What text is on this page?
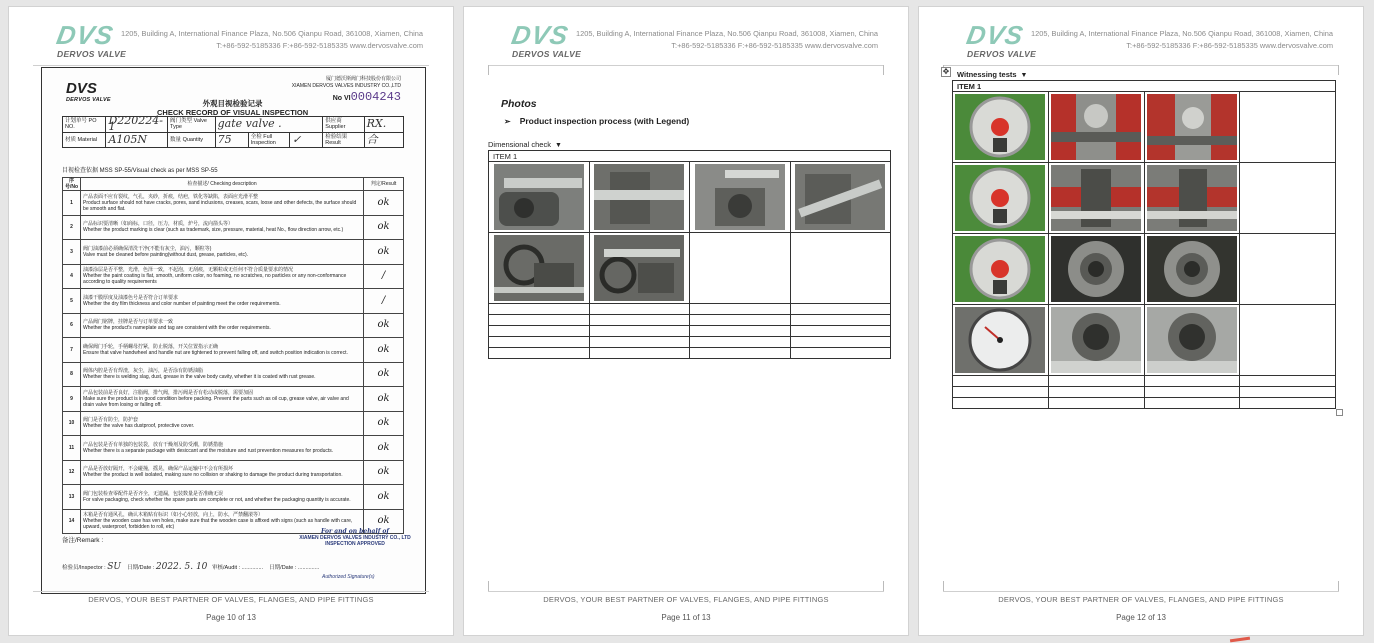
DVS
DERVOS VALVE
1205, Building A, International Finance Plaza, No.506 Qianpu Road, 361008, Xiamen, China
T:+86-592-5185336 F:+86-592-5185335 www.dervosvalve.com
DVS
DERVOS VALVE
厦门德沃斯阀门科技股份有限公司
XIAMEN DERVOS VALVES INDUSTRY CO.,LTD
No VI0004243
外观目视检验记录
CHECK RECORD OF VISUAL INSPECTION
计划单号 PO NO.	D220224-1	阀门类型 Valve Type	gate valve .			供应商 Supplier	RX.
材质 Material	A105N	数量 Quantity	75	全检 Full Inspection	✓	检验结果 Result	合
目视检查依据 MSS SP-55/Visual check as per MSS SP-55
序号/No	检查描述/ Checking description	判定/Result
1	产品表面不应有裂纹，气孔，夹砂，折痕，结疤，铁化等缺陷，表面应光滑平整
Product surface should not have cracks, pores, sand inclusions, creases, scars, loose and other defects, the surface should be smooth and flat.	ok
2	产品标识要清晰（如商标，口径，压力，材质，炉号，流向箭头等）
Whether the product marking is clear (such as trademark, size, pressure, material, heat No., flow direction arrow, etc.)	ok
3	阀门油漆前必须确保清洗干净(不能有灰尘，油污，颗粒等)
Valve must be cleaned before painting(without dust, grease, particles, etc).	ok
4	油漆涂层是否平整，光滑，色泽一致，不起泡，无刮痕，无颗粒或无任何不符合质量要求的情况
Whether the paint coating is flat, smooth, uniform color, no foaming, no scratches, no particles or any non-conformance according to quality requirements	/
5	油漆干膜厚度及油漆色号是否符合订单要求
Whether the dry film thickness and color number of painting meet the order requirements.	/
6	产品阀门铭牌，挂牌是否与订单要求一致
Whether the product's nameplate and tag are consistent with the order requirements.	ok
7	确保阀门手轮，手柄螺母拧紧，防止脱落，开关位置指示正确
Ensure that valve handwheel and handle nut are tightened to prevent falling off, and switch position indication is correct.	ok
8	阀体内腔是否有焊渣，灰尘，油污，是否涂有防锈油脂
Whether there is welding slag, dust, grease in the valve body cavity, whether it is coated with rust grease.	ok
9	产品包装前是否良好，注脂阀，排气阀，排污阀是否有松动或脱落，需要加固
Make sure the product is in good condition before packing. Prevent the parts such as oil cup, grease valve, air valve and drain valve from losing or falling off.	ok
10	阀门是否有防尘，防护套
Whether the valve has dustproof, protective cover.	ok
11	产品包装是否有单独的包装袋，放有干燥剂及防受潮，防锈措施
Whether there is a separate package with desiccant and the moisture and rust prevention measures for products.	ok
12	产品是否放好隔开，不会碰撞，摇晃，确保产品运输中不会有所损坏
Whether the product is well isolated, making sure no collision or shaking to damage the product during transportation.	ok
13	阀门包装检查零配件是否齐全，无遗漏，包装数量是否准确无误
For valve packaging, check whether the spare parts are complete or not, and whether the packaging quantity is accurate.	ok
14	木箱是否有通风孔，确认木箱贴有标识（如小心轻放，向上，防水，严禁翻滚等）
Whether the wooden case has ven holes, make sure that the wooden case is affixed with signs (such as handle with care, upward, waterproof, forbidden to roll, etc)	ok
备注/Remark :
For and on behalf of
XIAMEN DERVOS VALVES INDUSTRY CO., LTD
INSPECTION APPROVED
检验员/Inspector : SU 日期/Date : 2022. 5. 10 审核/Audit : ..............    日期/Date : ..............
Authorized Signature(s)
DERVOS, YOUR BEST PARTNER OF VALVES, FLANGES, AND PIPE FITTINGS
Page 10 of 13
DVS
DERVOS VALVE
1205, Building A, International Finance Plaza, No.506 Qianpu Road, 361008, Xiamen, China
T:+86-592-5185336 F:+86-592-5185335 www.dervosvalve.com
Photos
➢ Product inspection process (with Legend)
Dimensional check ▼
ITEM 1			

DERVOS, YOUR BEST PARTNER OF VALVES, FLANGES, AND PIPE FITTINGS
Page 11 of 13
DVS
DERVOS VALVE
1205, Building A, International Finance Plaza, No.506 Qianpu Road, 361008, Xiamen, China
T:+86-592-5185336 F:+86-592-5185335 www.dervosvalve.com
✥ Witnessing tests ▼
ITEM 1			

DERVOS, YOUR BEST PARTNER OF VALVES, FLANGES, AND PIPE FITTINGS
Page 12 of 13
